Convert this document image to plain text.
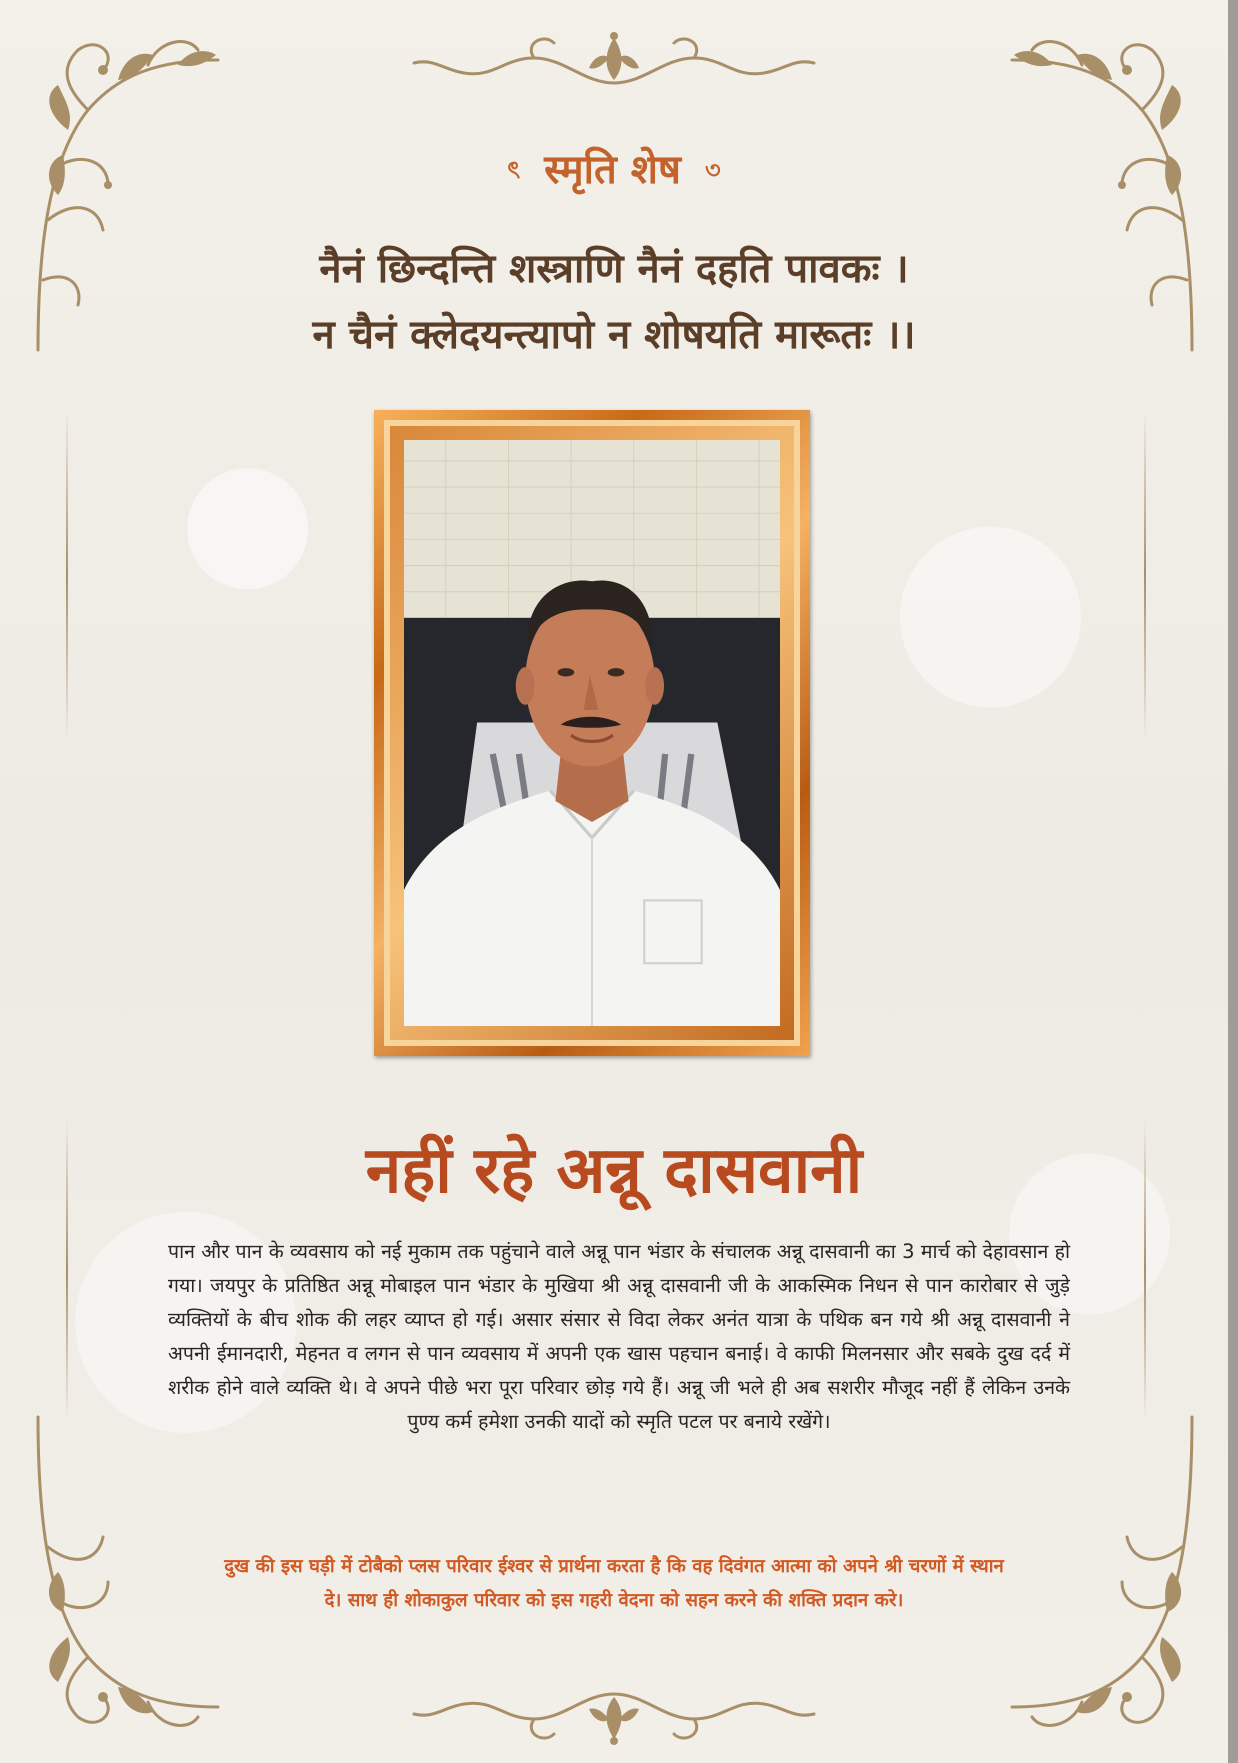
ৎ स्मृति शेष ৩
नैनं छिन्दन्ति शस्त्राणि नैनं दहति पावकः ।
न चैनं क्लेदयन्त्यापो न शोषयति मारूतः ।।
नहीं रहे अन्नू दासवानी
पान और पान के व्यवसाय को नई मुकाम तक पहुंचाने वाले अन्नू पान भंडार के संचालक अन्नू दासवानी का 3 मार्च को देहावसान हो गया। जयपुर के प्रतिष्ठित अन्नू मोबाइल पान भंडार के मुखिया श्री अन्नू दासवानी जी के आकस्मिक निधन से पान कारोबार से जुड़े व्यक्तियों के बीच शोक की लहर व्याप्त हो गई। असार संसार से विदा लेकर अनंत यात्रा के पथिक बन गये श्री अन्नू दासवानी ने अपनी ईमानदारी, मेहनत व लगन से पान व्यवसाय में अपनी एक खास पहचान बनाई। वे काफी मिलनसार और सबके दुख दर्द में शरीक होने वाले व्यक्ति थे। वे अपने पीछे भरा पूरा परिवार छोड़ गये हैं। अन्नू जी भले ही अब सशरीर मौजूद नहीं हैं लेकिन उनके पुण्य कर्म हमेशा उनकी यादों को स्मृति पटल पर बनाये रखेंगे।
दुख की इस घड़ी में टोबैको प्लस परिवार ईश्वर से प्रार्थना करता है कि वह दिवंगत आत्मा को अपने श्री चरणों में स्थान
दे। साथ ही शोकाकुल परिवार को इस गहरी वेदना को सहन करने की शक्ति प्रदान करे।
